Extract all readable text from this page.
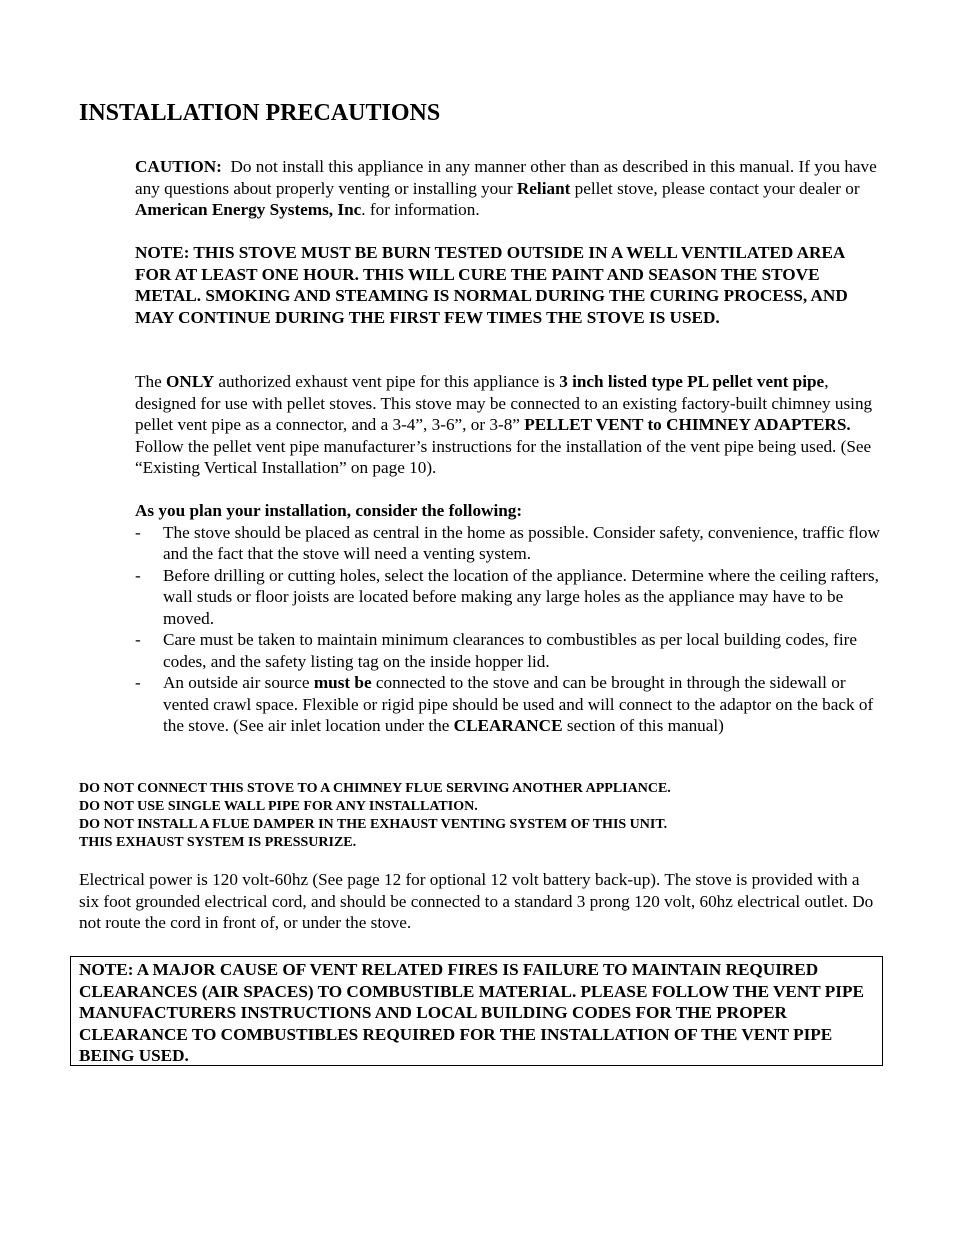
INSTALLATION PRECAUTIONS

CAUTION: Do not install this appliance in any manner other than as described in this manual. If you have any questions about properly venting or installing your Reliant pellet stove, please contact your dealer or American Energy Systems, Inc. for information.

NOTE: THIS STOVE MUST BE BURN TESTED OUTSIDE IN A WELL VENTILATED AREA FOR AT LEAST ONE HOUR. THIS WILL CURE THE PAINT AND SEASON THE STOVE METAL. SMOKING AND STEAMING IS NORMAL DURING THE CURING PROCESS, AND MAY CONTINUE DURING THE FIRST FEW TIMES THE STOVE IS USED.

The ONLY authorized exhaust vent pipe for this appliance is 3 inch listed type PL pellet vent pipe, designed for use with pellet stoves. This stove may be connected to an existing factory-built chimney using pellet vent pipe as a connector, and a 3-4”, 3-6”, or 3-8” PELLET VENT to CHIMNEY ADAPTERS.  Follow the pellet vent pipe manufacturer’s instructions for the installation of the vent pipe being used. (See “Existing Vertical Installation” on page 10).

As you plan your installation, consider the following:

- The stove should be placed as central in the home as possible. Consider safety, convenience, traffic flow and the fact that the stove will need a venting system.
- Before drilling or cutting holes, select the location of the appliance. Determine where the ceiling rafters, wall studs or floor joists are located before making any large holes as the appliance may have to be moved.
- Care must be taken to maintain minimum clearances to combustibles as per local building codes, fire codes, and the safety listing tag on the inside hopper lid.
- An outside air source must be connected to the stove and can be brought in through the sidewall or vented crawl space. Flexible or rigid pipe should be used and will connect to the adaptor on the back of the stove. (See air inlet location under the CLEARANCE section of this manual)
DO NOT CONNECT THIS STOVE TO A CHIMNEY FLUE SERVING ANOTHER APPLIANCE.
DO NOT USE SINGLE WALL PIPE FOR ANY INSTALLATION.
DO NOT INSTALL A FLUE DAMPER IN THE EXHAUST VENTING SYSTEM OF THIS UNIT.
THIS EXHAUST SYSTEM IS PRESSURIZE.

Electrical power is 120 volt-60hz (See page 12 for optional 12 volt battery back-up). The stove is provided with a six foot grounded electrical cord, and should be connected to a standard 3 prong 120 volt, 60hz electrical outlet. Do not route the cord in front of, or under the stove.

NOTE: A MAJOR CAUSE OF VENT RELATED FIRES IS FAILURE TO MAINTAIN REQUIRED CLEARANCES (AIR SPACES) TO COMBUSTIBLE MATERIAL. PLEASE FOLLOW THE VENT PIPE MANUFACTURERS INSTRUCTIONS AND LOCAL BUILDING CODES FOR THE PROPER CLEARANCE TO COMBUSTIBLES REQUIRED FOR THE INSTALLATION OF THE VENT PIPE BEING USED.
